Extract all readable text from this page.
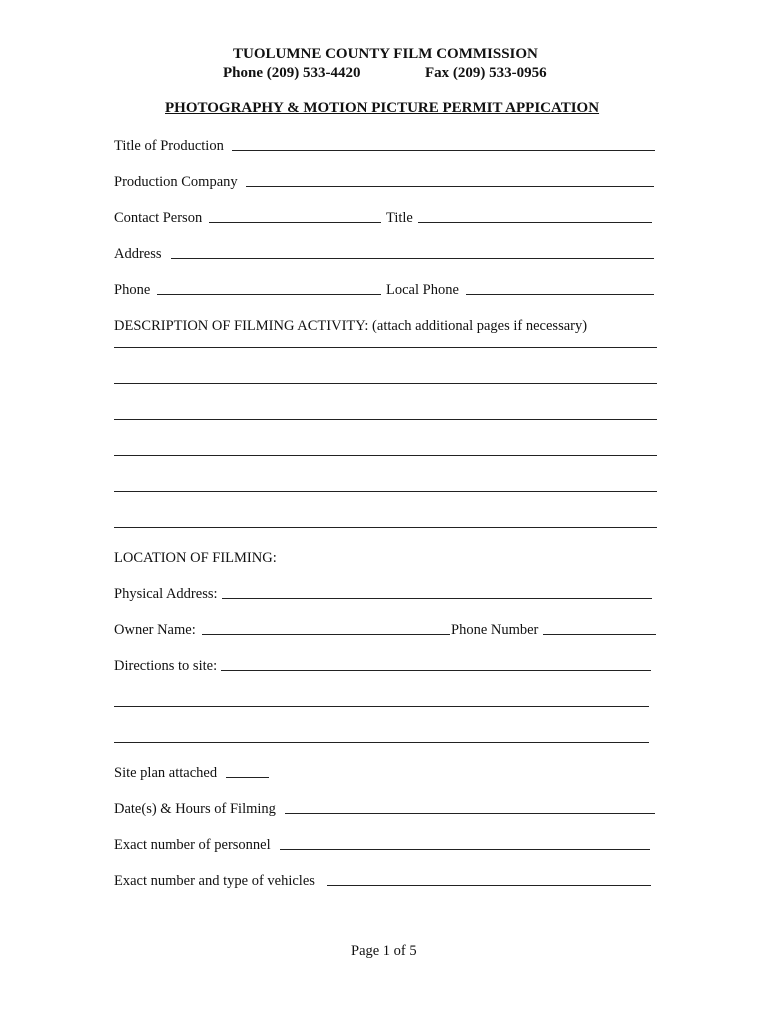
TUOLUMNE COUNTY FILM COMMISSION
Phone (209) 533-4420	Fax (209) 533-0956
PHOTOGRAPHY & MOTION PICTURE PERMIT APPICATION
Title of Production
Production Company
Contact Person	Title
Address
Phone	Local Phone
DESCRIPTION OF FILMING ACTIVITY: (attach additional pages if necessary)
LOCATION OF FILMING:
Physical Address:
Owner Name:	Phone Number
Directions to site:
Site plan attached
Date(s) & Hours of Filming
Exact number of personnel
Exact number and type of vehicles
Page 1 of 5
